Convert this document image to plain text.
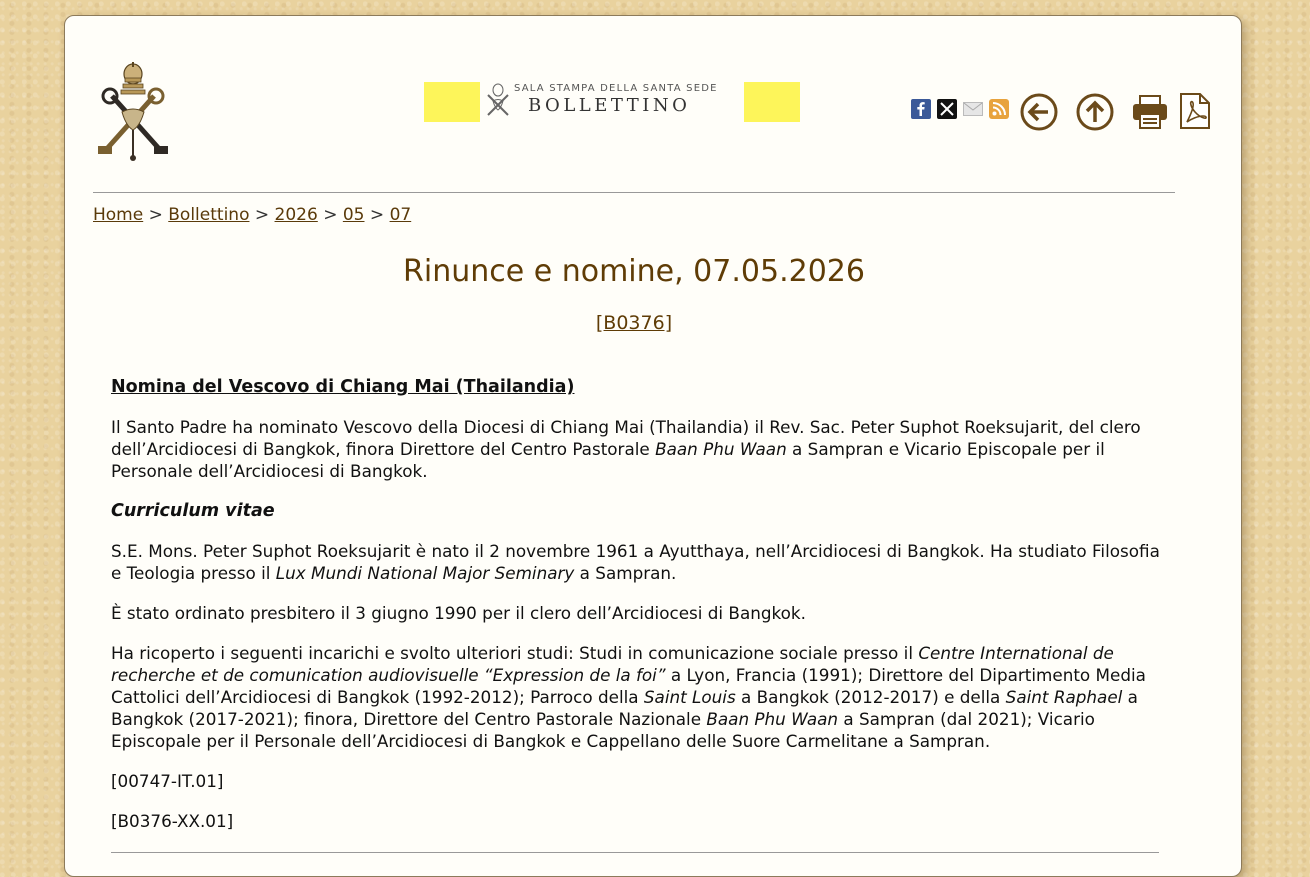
SALA STAMPA DELLA SANTA SEDE
BOLLETTINO
Home > Bollettino > 2026 > 05 > 07
Rinunce e nomine, 07.05.2026
[B0376]

Nomina del Vescovo di Chiang Mai (Thailandia)

Il Santo Padre ha nominato Vescovo della Diocesi di Chiang Mai (Thailandia) il Rev. Sac. Peter Suphot Roeksujarit, del clero dell’Arcidiocesi di Bangkok, finora Direttore del Centro Pastorale Baan Phu Waan a Sampran e Vicario Episcopale per il Personale dell’Arcidiocesi di Bangkok.

Curriculum vitae

S.E. Mons. Peter Suphot Roeksujarit è nato il 2 novembre 1961 a Ayutthaya, nell’Arcidiocesi di Bangkok. Ha studiato Filosofia e Teologia presso il Lux Mundi National Major Seminary a Sampran.

È stato ordinato presbitero il 3 giugno 1990 per il clero dell’Arcidiocesi di Bangkok.

Ha ricoperto i seguenti incarichi e svolto ulteriori studi: Studi in comunicazione sociale presso il Centre International de recherche et de comunication audiovisuelle “Expression de la foi” a Lyon, Francia (1991); Direttore del Dipartimento Media Cattolici dell’Arcidiocesi di Bangkok (1992-2012); Parroco della Saint Louis a Bangkok (2012-2017) e della Saint Raphael a Bangkok (2017-2021); finora, Direttore del Centro Pastorale Nazionale Baan Phu Waan a Sampran (dal 2021); Vicario Episcopale per il Personale dell’Arcidiocesi di Bangkok e Cappellano delle Suore Carmelitane a Sampran.

[00747-IT.01]

[B0376-XX.01]
